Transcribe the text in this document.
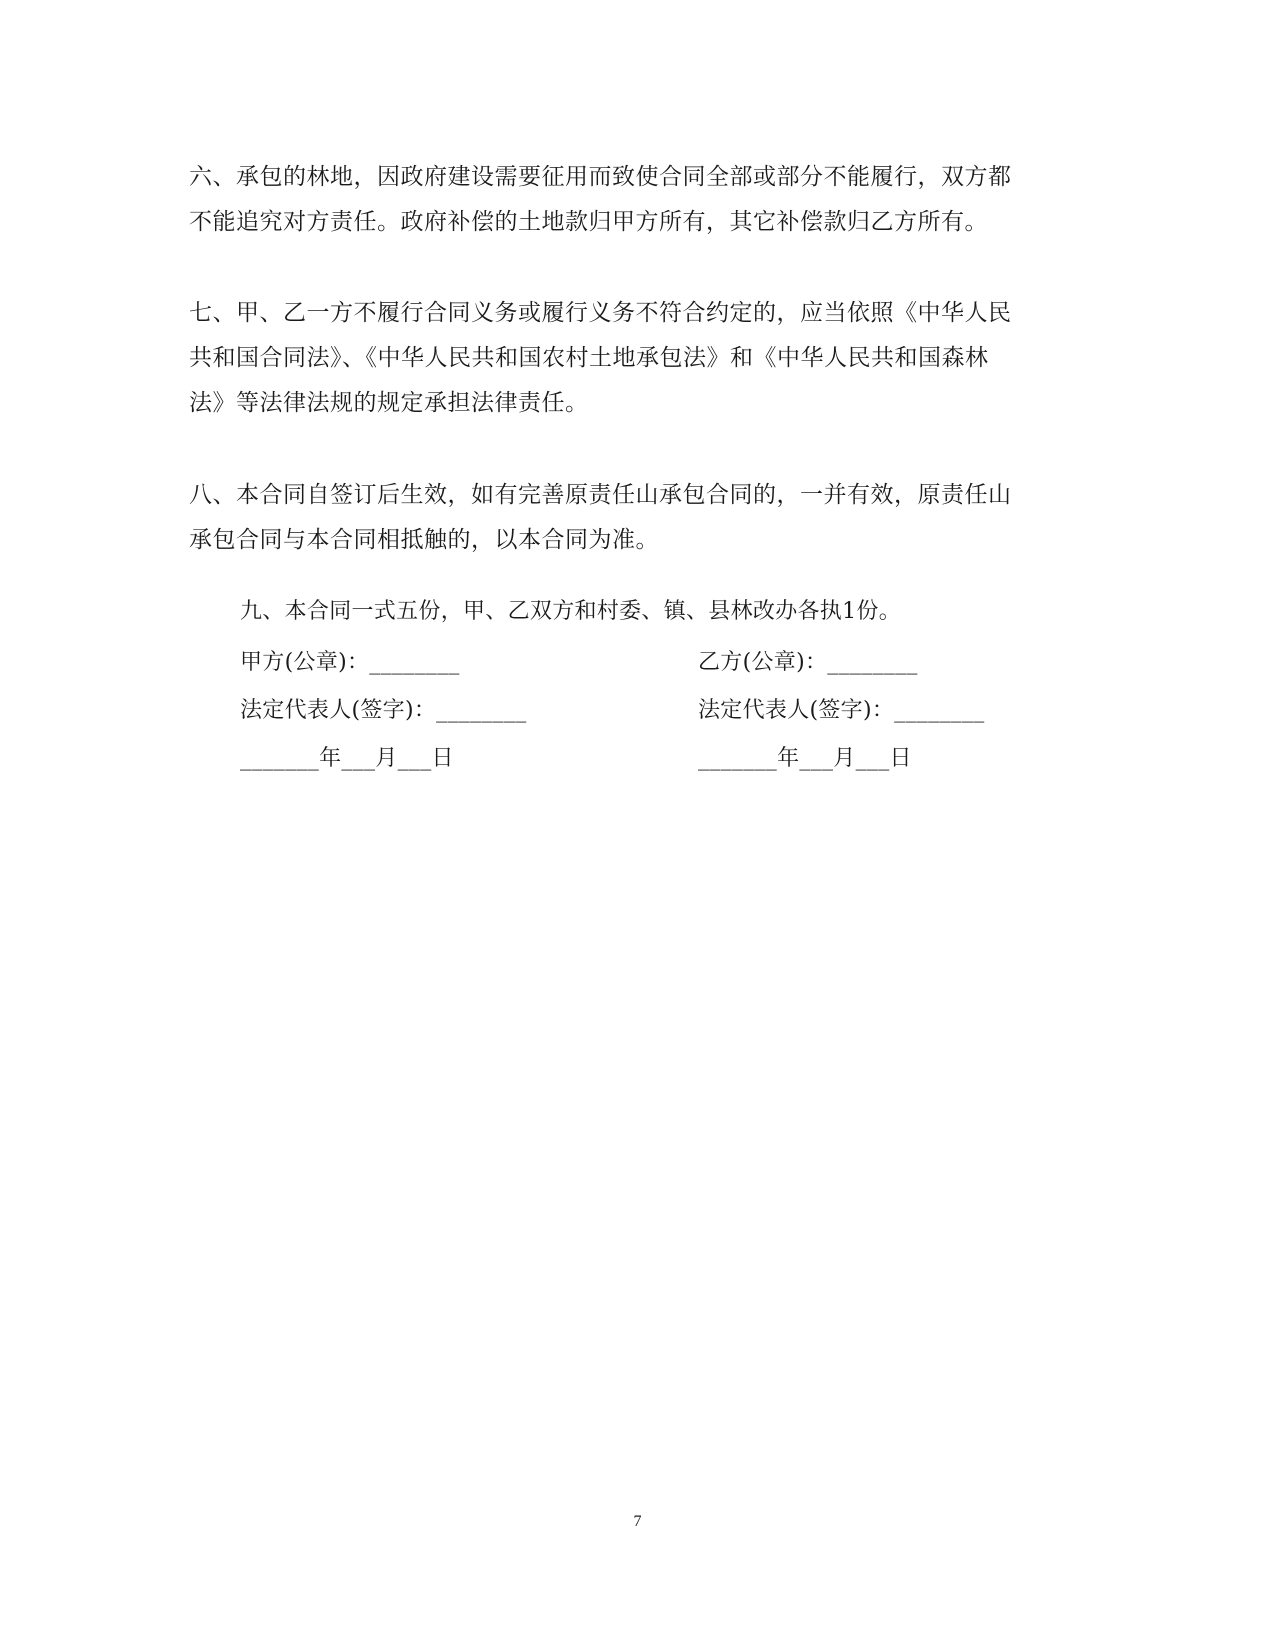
六、承包的林地，因政府建设需要征用而致使合同全部或部分不能履行，双方都
不能追究对方责任。政府补偿的土地款归甲方所有，其它补偿款归乙方所有。
七、甲、乙一方不履行合同义务或履行义务不符合约定的，应当依照《中华人民
共和国合同法》、《中华人民共和国农村土地承包法》和《中华人民共和国森林
法》等法律法规的规定承担法律责任。
八、本合同自签订后生效，如有完善原责任山承包合同的，一并有效，原责任山
承包合同与本合同相抵触的，以本合同为准。
九、本合同一式五份，甲、乙双方和村委、镇、县林改办各执1份。
甲方(公章)：________	乙方(公章)：________
法定代表人(签字)：________	法定代表人(签字)：________
_______年___月___日	_______年___月___日
7
